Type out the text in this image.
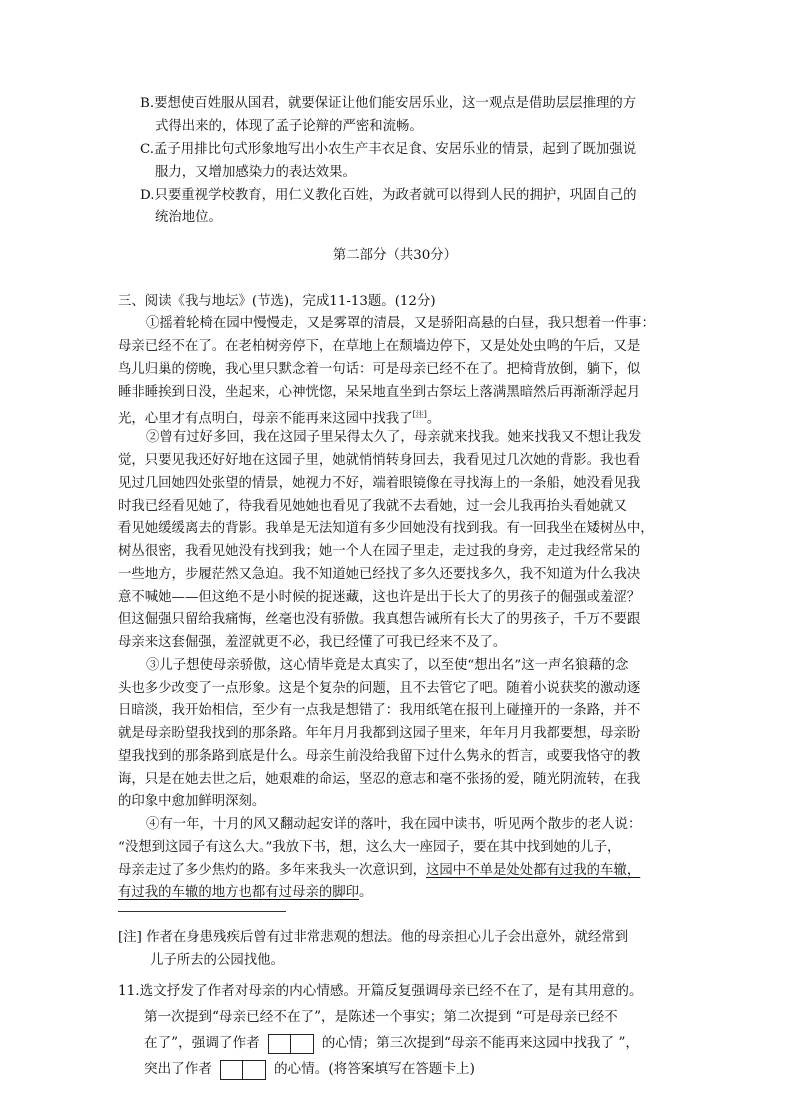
B.要想使百姓服从国君，就要保证让他们能安居乐业，这一观点是借助层层推理的方
式得出来的，体现了孟子论辩的严密和流畅。
C.孟子用排比句式形象地写出小农生产丰衣足食、安居乐业的情景，起到了既加强说
服力，又增加感染力的表达效果。
D.只要重视学校教育，用仁义教化百姓，为政者就可以得到人民的拥护，巩固自己的
统治地位。
第二部分（共30分）
三、阅读《我与地坛》(节选)，完成11-13题。(12分)
①摇着轮椅在园中慢慢走，又是雾罩的清晨，又是骄阳高悬的白昼，我只想着一件事：
母亲已经不在了。在老柏树旁停下，在草地上在颓墙边停下，又是处处虫鸣的午后，又是
鸟儿归巢的傍晚，我心里只默念着一句话：可是母亲已经不在了。把椅背放倒，躺下，似
睡非睡挨到日没，坐起来，心神恍惚，呆呆地直坐到古祭坛上落满黑暗然后再渐渐浮起月
光，心里才有点明白，母亲不能再来这园中找我了[注]。
②曾有过好多回，我在这园子里呆得太久了，母亲就来找我。她来找我又不想让我发
觉，只要见我还好好地在这园子里，她就悄悄转身回去，我看见过几次她的背影。我也看
见过几回她四处张望的情景，她视力不好，端着眼镜像在寻找海上的一条船，她没看见我
时我已经看见她了，待我看见她她也看见了我就不去看她，过一会儿我再抬头看她就又
看见她缓缓离去的背影。我单是无法知道有多少回她没有找到我。有一回我坐在矮树丛中，
树丛很密，我看见她没有找到我；她一个人在园子里走，走过我的身旁，走过我经常呆的
一些地方，步履茫然又急迫。我不知道她已经找了多久还要找多久，我不知道为什么我决
意不喊她——但这绝不是小时候的捉迷藏，这也许是出于长大了的男孩子的倔强或羞涩？
但这倔强只留给我痛悔，丝毫也没有骄傲。我真想告诫所有长大了的男孩子，千万不要跟
母亲来这套倔强，羞涩就更不必，我已经懂了可我已经来不及了。
③儿子想使母亲骄傲，这心情毕竟是太真实了，以至使“想出名”这一声名狼藉的念
头也多少改变了一点形象。这是个复杂的问题，且不去管它了吧。随着小说获奖的激动逐
日暗淡，我开始相信，至少有一点我是想错了：我用纸笔在报刊上碰撞开的一条路，并不
就是母亲盼望我找到的那条路。年年月月我都到这园子里来，年年月月我都要想，母亲盼
望我找到的那条路到底是什么。母亲生前没给我留下过什么隽永的哲言，或要我恪守的教
诲，只是在她去世之后，她艰难的命运，坚忍的意志和毫不张扬的爱，随光阴流转，在我
的印象中愈加鲜明深刻。
④有一年，十月的风又翻动起安详的落叶，我在园中读书，听见两个散步的老人说：
“没想到这园子有这么大。”我放下书，想，这么大一座园子，要在其中找到她的儿子，
母亲走过了多少焦灼的路。多年来我头一次意识到，这园中不单是处处都有过我的车辙，
有过我的车辙的地方也都有过母亲的脚印。
[注] 作者在身患残疾后曾有过非常悲观的想法。他的母亲担心儿子会出意外，就经常到
儿子所去的公园找他。
11.选文抒发了作者对母亲的内心情感。开篇反复强调母亲已经不在了，是有其用意的。
第一次提到“母亲已经不在了”，是陈述一个事实；第二次提到 “可是母亲已经不
在了”，强调了作者	的心情；第三次提到“母亲不能再来这园中找我了 ”，
突出了作者	的心情。(将答案填写在答题卡上)
